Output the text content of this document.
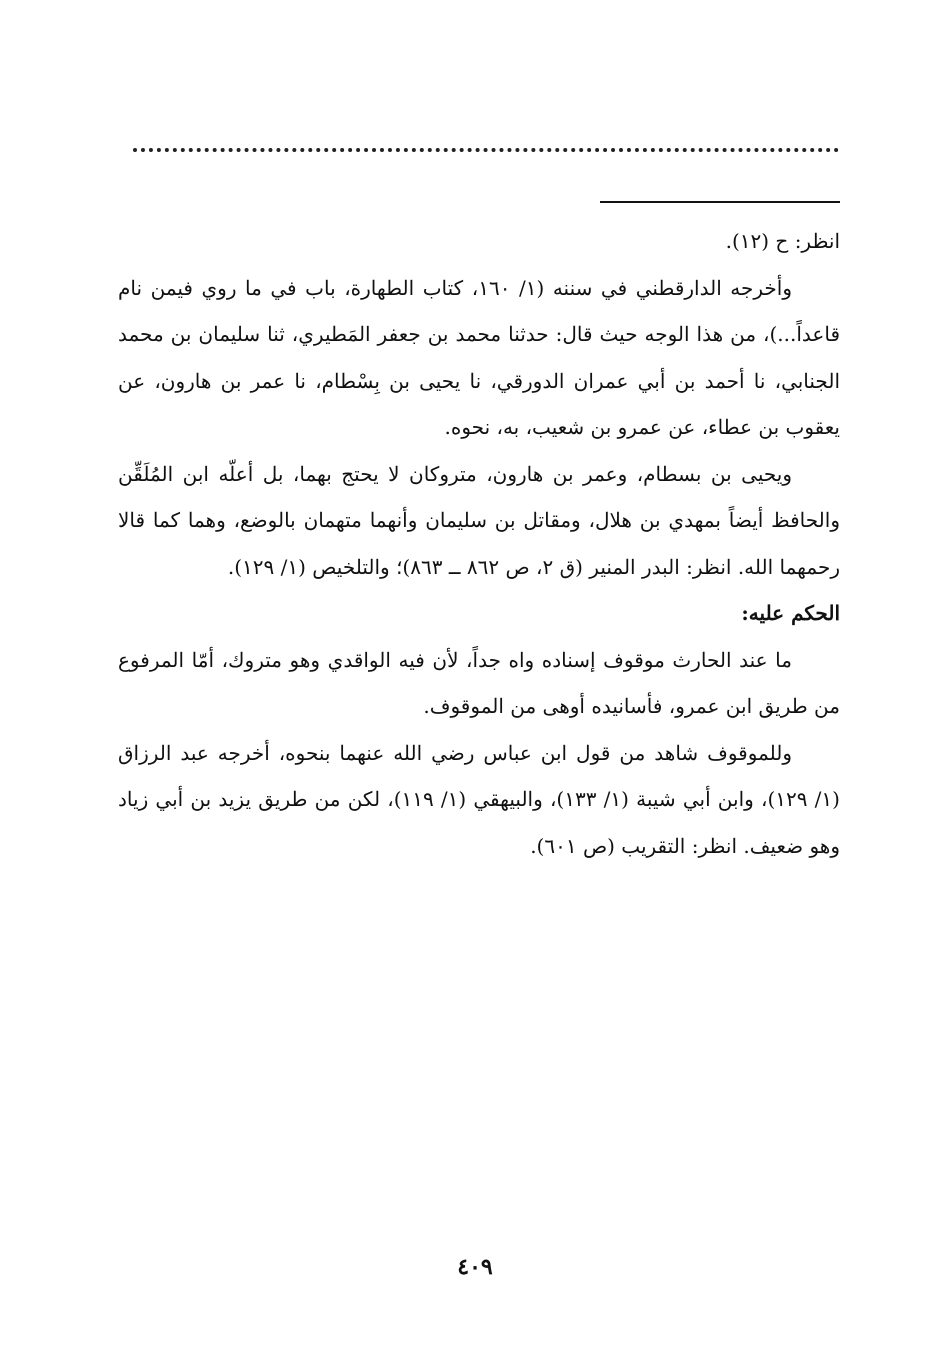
انظر: ح (١٢).

وأخرجه الدارقطني في سننه (١/ ١٦٠، كتاب الطهارة، باب في ما روي فيمن نام قاعداً...)، من هذا الوجه حيث قال: حدثنا محمد بن جعفر المَطيري، ثنا سليمان بن محمد الجنابي، نا أحمد بن أبي عمران الدورقي، نا يحيى بن بِسْطام، نا عمر بن هارون، عن يعقوب بن عطاء، عن عمرو بن شعيب، به، نحوه.

ويحيى بن بسطام، وعمر بن هارون، متروكان لا يحتج بهما، بل أعلّه ابن المُلَقِّن والحافظ أيضاً بمهدي بن هلال، ومقاتل بن سليمان وأنهما متهمان بالوضع، وهما كما قالا رحمهما الله. انظر: البدر المنير (ق ٢، ص ٨٦٢ ــ ٨٦٣)؛ والتلخيص (١/ ١٢٩).

الحكم عليه:

ما عند الحارث موقوف إسناده واه جداً، لأن فيه الواقدي وهو متروك، أمّا المرفوع من طريق ابن عمرو، فأسانيده أوهى من الموقوف.

وللموقوف شاهد من قول ابن عباس رضي الله عنهما بنحوه، أخرجه عبد الرزاق (١/ ١٢٩)، وابن أبي شيبة (١/ ١٣٣)، والبيهقي (١/ ١١٩)، لكن من طريق يزيد بن أبي زياد وهو ضعيف. انظر: التقريب (ص ٦٠١).

٤٠٩
